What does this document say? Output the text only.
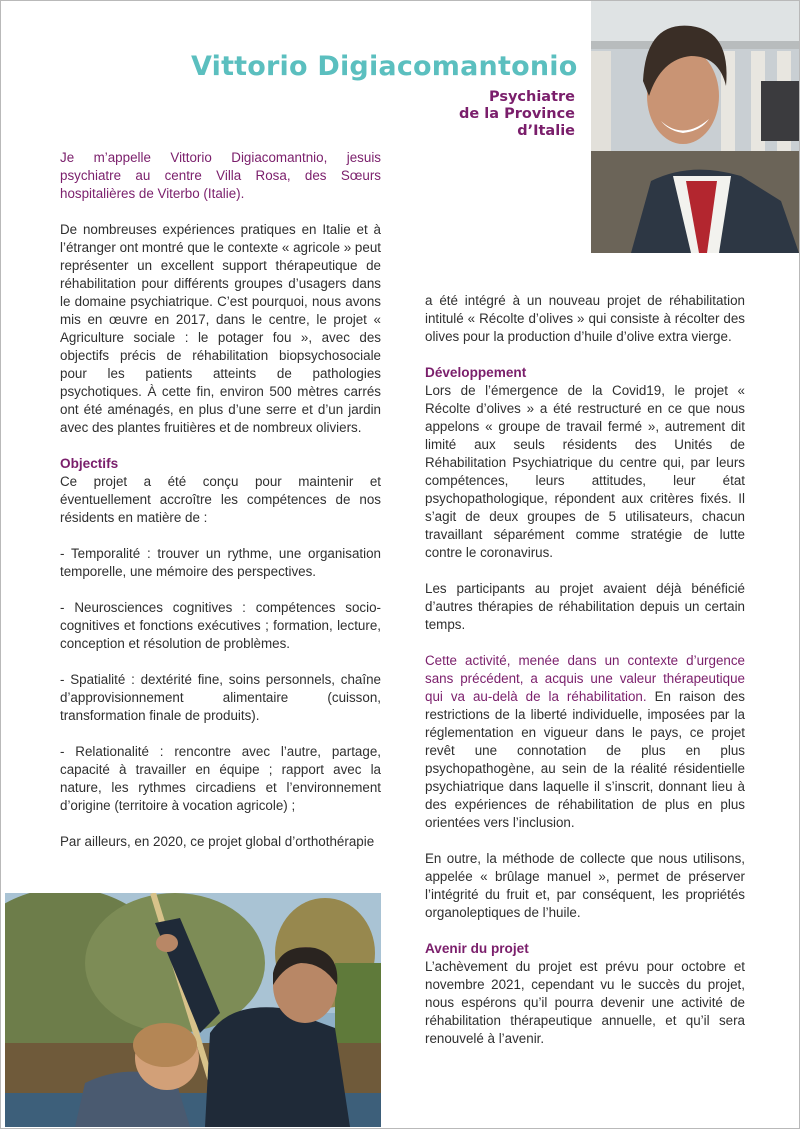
Vittorio Digiacomantonio
Psychiatre
de la Province
d’Italie

Je m’appelle Vittorio Digiacomantnio, jesuis psychiatre au centre Villa Rosa, des Sœurs hospitalières de Viterbo (Italie).

De nombreuses expériences pratiques en Italie et à l’étranger ont montré que le contexte « agricole » peut représenter un excellent support thérapeutique de réhabilitation pour différents groupes d’usagers dans le domaine psychiatrique. C’est pourquoi, nous avons mis en œuvre en 2017, dans le centre, le projet « Agriculture sociale : le potager fou », avec des objectifs précis de réhabilitation biopsychosociale pour les patients atteints de pathologies psychotiques. À cette fin, environ 500 mètres carrés ont été aménagés, en plus d’une serre et d’un jardin avec des plantes fruitières et de nombreux oliviers.

Objectifs

Ce projet a été conçu pour maintenir et éventuellement accroître les compétences de nos résidents en matière de :

- Temporalité : trouver un rythme, une organisation temporelle, une mémoire des perspectives.

- Neurosciences cognitives : compétences socio-cognitives et fonctions exécutives ; formation, lecture, conception et résolution de problèmes.

- Spatialité : dextérité fine, soins personnels, chaîne d’approvisionnement alimentaire (cuisson, transformation finale de produits).

- Relationalité : rencontre avec l’autre, partage, capacité à travailler en équipe ; rapport avec la nature, les rythmes circadiens et l’environnement d’origine (territoire à vocation agricole) ;

Par ailleurs, en 2020, ce projet global d’orthothérapie

a été intégré à un nouveau projet de réhabilitation intitulé « Récolte d’olives » qui consiste à récolter des olives pour la production d’huile d’olive extra vierge.

Développement

Lors de l’émergence de la Covid19, le projet « Récolte d’olives » a été restructuré en ce que nous appelons « groupe de travail fermé », autrement dit limité aux seuls résidents des Unités de Réhabilitation Psychiatrique du centre qui, par leurs compétences, leurs attitudes, leur état psychopathologique, répondent aux critères fixés. Il s’agit de deux groupes de 5 utilisateurs, chacun travaillant séparément comme stratégie de lutte contre le coronavirus.

Les participants au projet avaient déjà bénéficié d’autres thérapies de réhabilitation depuis un certain temps.

Cette activité, menée dans un contexte d’urgence sans précédent, a acquis une valeur thérapeutique qui va au-delà de la réhabilitation. En raison des restrictions de la liberté individuelle, imposées par la réglementation en vigueur dans le pays, ce projet revêt une connotation de plus en plus psychopathogène, au sein de la réalité résidentielle psychiatrique dans laquelle il s’inscrit, donnant lieu à des expériences de réhabilitation de plus en plus orientées vers l’inclusion.

En outre, la méthode de collecte que nous utilisons, appelée « brûlage manuel », permet de préserver l’intégrité du fruit et, par conséquent, les propriétés organoleptiques de l’huile.

Avenir du projet

L’achèvement du projet est prévu pour octobre et novembre 2021, cependant vu le succès du projet, nous espérons qu’il pourra devenir une activité de réhabilitation thérapeutique annuelle, et qu’il sera renouvelé à l’avenir.
